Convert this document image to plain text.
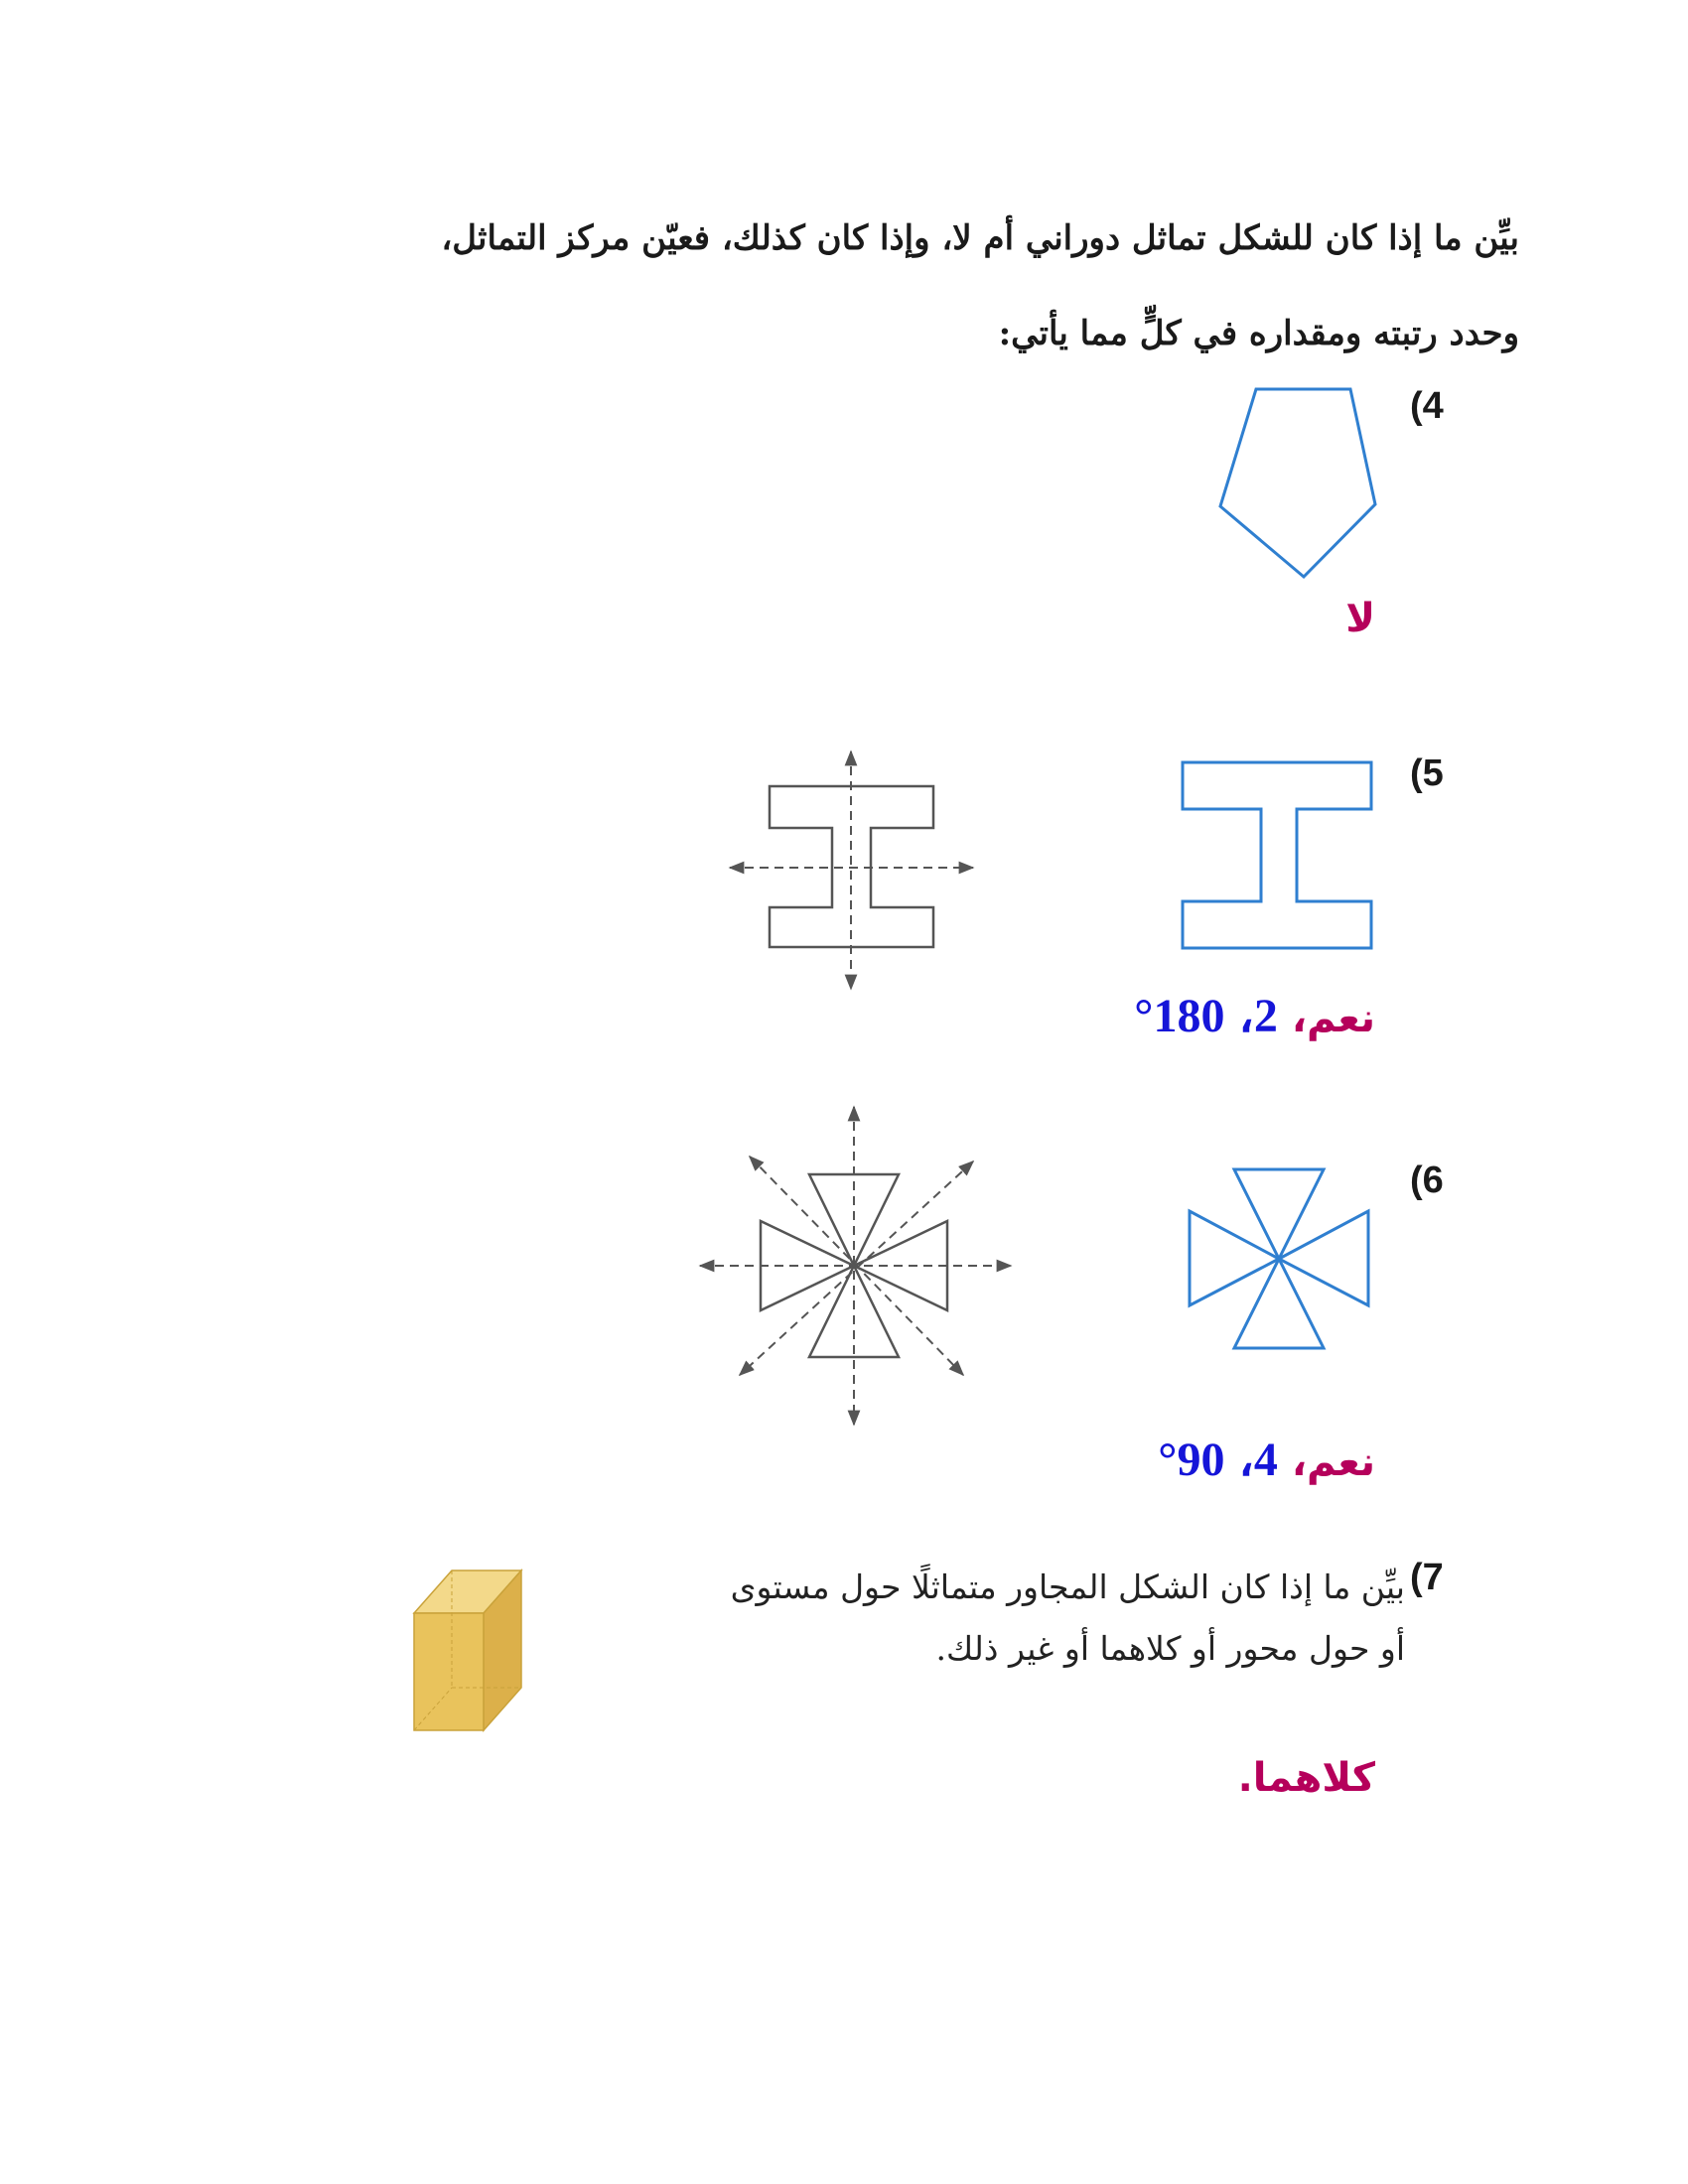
بيِّن ما إذا كان للشكل تماثل دوراني أم لا، وإذا كان كذلك، فعيّن مركز التماثل،
وحدد رتبته ومقداره في كلٍّ مما يأتي:
(4
لا
(5
نعم، 2، 180°
(6
نعم، 4، 90°
(7
بيِّن ما إذا كان الشكل المجاور متماثلًا حول مستوى
أو حول محور أو كلاهما أو غير ذلك.
كلاهما.
